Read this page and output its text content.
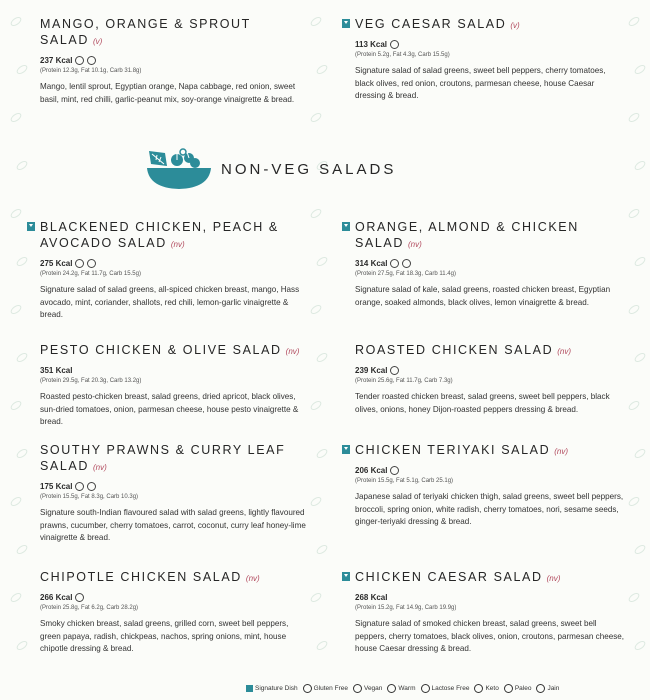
MANGO, ORANGE & SPROUT SALAD (v)
237 Kcal
(Protein 12.3g, Fat 10.1g, Carb 31.8g)
Mango, lentil sprout, Egyptian orange, Napa cabbage, red onion, sweet basil, mint, red chilli, garlic-peanut mix, soy-orange vinaigrette & bread.
VEG CAESAR SALAD (v)
113 Kcal
(Protein 5.2g, Fat 4.3g, Carb 15.5g)
Signature salad of salad greens, sweet bell peppers, cherry tomatoes, black olives, red onion, croutons, parmesan cheese, house Caesar dressing & bread.
NON-VEG SALADS
BLACKENED CHICKEN, PEACH & AVOCADO SALAD (nv)
275 Kcal
(Protein 24.2g, Fat 11.7g, Carb 15.5g)
Signature salad of salad greens, all-spiced chicken breast, mango, Hass avocado, mint, coriander, shallots, red chili, lemon-garlic vinaigrette & bread.
ORANGE, ALMOND & CHICKEN SALAD (nv)
314 Kcal
(Protein 27.5g, Fat 18.3g, Carb 11.4g)
Signature salad of kale, salad greens, roasted chicken breast, Egyptian orange, soaked almonds, black olives, lemon vinaigrette & bread.
PESTO CHICKEN & OLIVE SALAD (nv)
351 Kcal
(Protein 29.5g, Fat 20.3g, Carb 13.2g)
Roasted pesto-chicken breast, salad greens, dried apricot, black olives, sun-dried tomatoes, onion, parmesan cheese, house pesto vinaigrette & bread.
ROASTED CHICKEN SALAD (nv)
239 Kcal
(Protein 25.6g, Fat 11.7g, Carb 7.3g)
Tender roasted chicken breast, salad greens, sweet bell peppers, black olives, onions, honey Dijon-roasted peppers dressing & bread.
SOUTHY PRAWNS & CURRY LEAF SALAD (nv)
175 Kcal
(Protein 15.5g, Fat 8.3g, Carb 10.3g)
Signature south-Indian flavoured salad with salad greens, lightly flavoured prawns, cucumber, cherry tomatoes, carrot, coconut, curry leaf honey-lime vinaigrette & bread.
CHICKEN TERIYAKI SALAD (nv)
206 Kcal
(Protein 15.5g, Fat 5.1g, Carb 25.1g)
Japanese salad of teriyaki chicken thigh, salad greens, sweet bell peppers, broccoli, spring onion, white radish, cherry tomatoes, nori, sesame seeds, ginger-teriyaki dressing & bread.
CHIPOTLE CHICKEN SALAD (nv)
266 Kcal
(Protein 25.8g, Fat 6.2g, Carb 28.2g)
Smoky chicken breast, salad greens, grilled corn, sweet bell peppers, green papaya, radish, chickpeas, nachos, spring onions, mint, house chipotle dressing & bread.
CHICKEN CAESAR SALAD (nv)
268 Kcal
(Protein 15.2g, Fat 14.9g, Carb 19.9g)
Signature salad of smoked chicken breast, salad greens, sweet bell peppers, cherry tomatoes, black olives, onion, croutons, parmesan cheese, house Caesar dressing & bread.
Signature Dish Gluten Free Vegan Warm Lactose Free Keto Paleo Jain
